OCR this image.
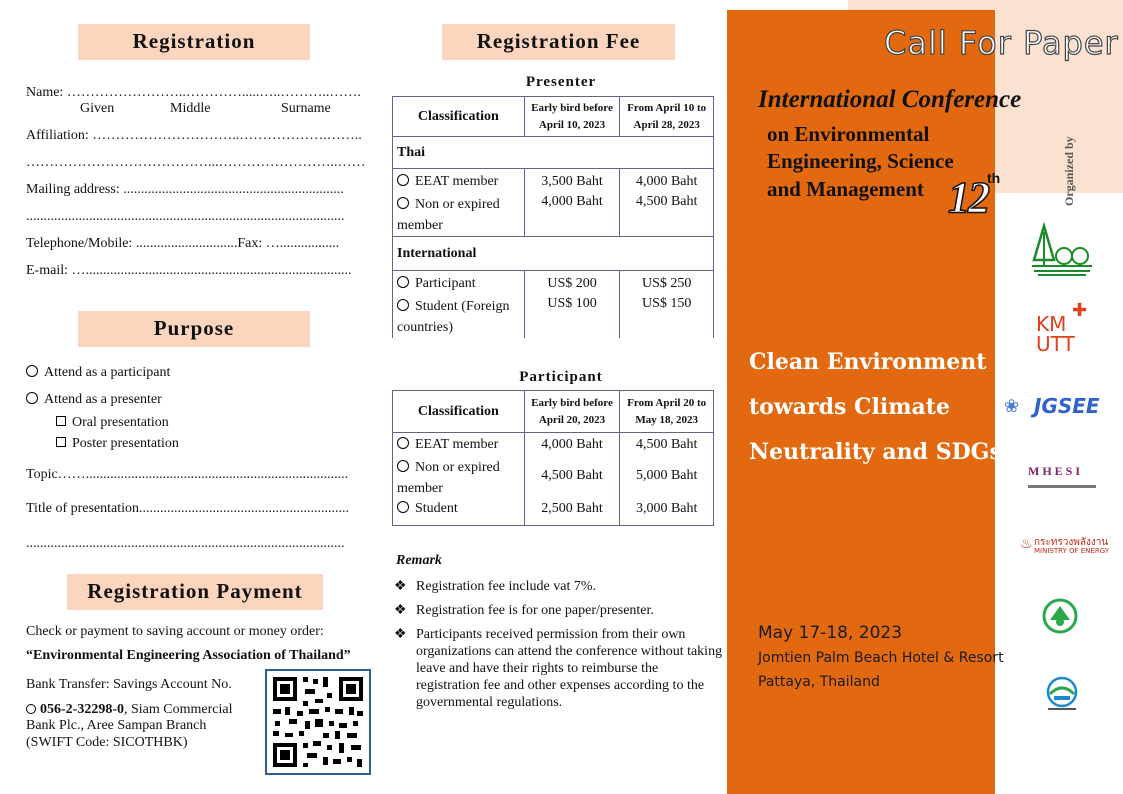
Registration
Name: ……………………..………….....…..………..…….
Given	Middle	Surname
Affiliation: …………………………..……………….……..
…………………………………...……………………..……
Mailing address: ...............................................................
...........................................................................................
Telephone/Mobile: .............................Fax: ….................
E-mail: …............................................................................
Purpose
Attend as a participant
Attend as a presenter
Oral presentation
Poster presentation
Topic……...........................................................................
Title of presentation............................................................
...........................................................................................
Registration Payment
Check or payment to saving account or money order:
“Environmental Engineering Association of Thailand”
Bank Transfer: Savings Account No.
056-2-32298-0, Siam Commercial
Bank Plc., Aree Sampan Branch
(SWIFT Code: SICOTHBK)
Registration Fee
Presenter
Classification	Early bird before April 10, 2023	From April 10 to April 28, 2023
Thai		
EEAT member	3,500 Baht	4,000 Baht
Non or expired member	4,000 Baht	4,500 Baht
International		
Participant	US$ 200	US$ 250
Student (Foreign countries)	US$ 100	US$ 150
Participant
Classification	Early bird before April 20, 2023	From April 20 to May 18, 2023
EEAT member	4,000 Baht	4,500 Baht
Non or expired member	4,500 Baht	5,000 Baht
Student	2,500 Baht	3,000 Baht
Remark
❖ Registration fee include vat 7%.
❖ Registration fee is for one paper/presenter.
❖ Participants received permission from their own organizations can attend the conference without taking leave and have their rights to reimburse the registration fee and other expenses according to the governmental regulations.
Call For Paper
International Conference
on Environmental
Engineering, Science
and Management 12 th
Clean Environment
towards Climate
Neutrality and SDGs
May 17-18, 2023
Jomtien Palm Beach Hotel & Resort
Pattaya, Thailand
Organized by
KM UTT
✚
❀ JGSEE
MHESI
♨ กระทรวงพลังงาน
MINISTRY OF ENERGY
